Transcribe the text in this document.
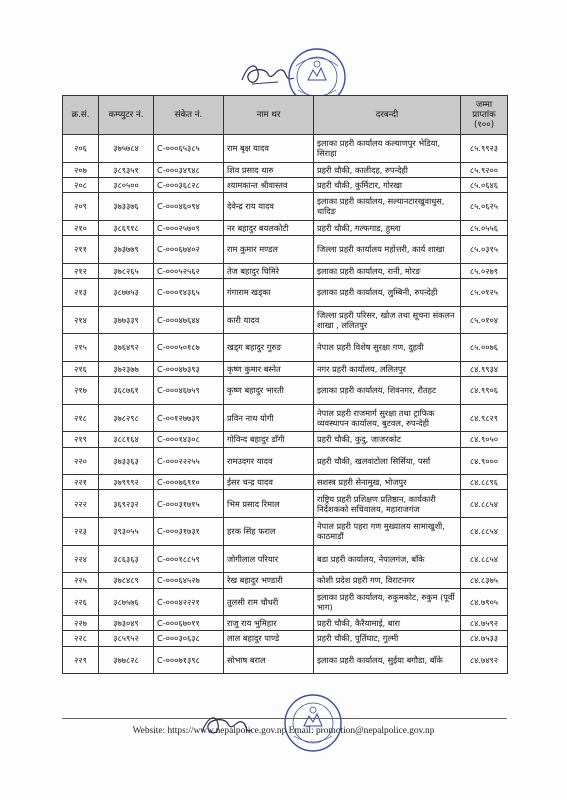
क्र.सं.	कम्प्युटर नं.	संकेत नं.	नाम थर	दरबन्दी	जम्मा प्राप्तांक (१००)
२०६	३७५७८४	C-०००६५३८५	राम बृक्ष यादव	इलाका प्रहरी कार्यालय कल्याणपुर भेडिया, सिराहा	८५.९९२३
२०७	३८९३५१	C-०००३४९४८	शिव प्रसाद थारु	प्रहरी चौकी, कालीदह, रुपन्देही	८५.९२००
२०८	३८०५००	C-०००३६८२८	श्यामकान्त श्रीवास्तव	प्रहरी चौकी, कुर्मिटार, गोरखा	८५.०६४६
२०९	३७३३७६	C-०००४६०९४	देवेन्द्र राय यादव	इलाका प्रहरी कार्यालय, सल्यानटारखुवाधुस, धादिङ	८५.०६२५
२१०	३८६९१८	C-०००२५७०९	नर बहादुर बयलकोटी	प्रहरी चौकी, गल्फगाड, हुम्ला	८५.०५५६
२११	३७३७७९	C-०००६७४०२	राम कुमार मण्डल	जिल्ला प्रहरी कार्यालय महोत्तरी, कार्य शाखा	८५.०३१५
२१२	३७८२६५	C-०००५२५६२	तेज बहादुर घिमिरे	इलाका प्रहरी कार्यालय, रानी, मोरङ	८५.०२७९
२१३	३८७७५३	C-०००१४३६५	गंगाराम खड्का	इलाका प्रहरी कार्यालय, लुम्बिनी, रुपन्देही	८५.०१२५
२१४	३७७३३९	C-०००४७६४४	कारी यादव	जिल्ला प्रहरी परिसर, खोज तथा सूचना संकलन शाखा , ललितपुर	८५.०१०४
२१५	३७६४९२	C-०००५०१८७	खड्ग बहादुर गुरुङ	नेपाल प्रहरी विशेष सुरक्षा गण, दुहवी	८५.००७६
२१६	३७२३७७	C-०००४७३९३	कृष्ण कुमार बस्नेत	नगर प्रहरी कार्यालय, ललितपुर	८४.९९३४
२१७	३६८७६१	C-०००४६७५९	कृष्ण बहादुर भारती	इलाका प्रहरी कार्यालय, शिवनगर, रौतहट	८४.९९०६
२१८	३७८२९८	C-००१२७७३९	प्रविन नाथ योगी	नेपाल प्रहरी राजमार्ग सुरक्षा तथा ट्राफिक व्यवस्थापन कार्यालय, बुटवल, रुपन्देही	८४.९८२९
२१९	३८८१६४	C-०००१४३०८	गोविन्द बहादुर डाँगी	प्रहरी चौकी, कुदु, जाजरकोट	८४.९०५०
२२०	३७३३६३	C-०००२२२५५	रामउदगर यादव	प्रहरी चौकी, खलवाटोला सिर्सिया, पर्सा	८४.९०००
२२१	३७९९९२	C-०००७६९१०	ईसर चन्द्र यादव	सशस्त्र प्रहरी सेनामुख, भोजपुर	८४.८८९६
२२२	३६९२३२	C-०००३१७१५	भिम प्रसाद रिमाल	राष्ट्रिय प्रहरी प्रशिक्षण प्रतिष्ठान, कार्यकारी निर्देशकको सचिवालय, महाराजगंज	८४.८८५४
२२३	३९३०५५	C-०००३१७३१	हरक सिंह फराल	नेपाल प्रहरी पहरा गण मुख्यालय सामाखुशी, काठमाडौं	८४.८८५४
२२४	३८६३६३	C-०००१८८५९	जोगीलाल परियार	बडा प्रहरी कार्यालय, नेपालगंज, बाँके	८४.८८५४
२२५	३७८४८९	C-०००६४५२७	रेख बहादुर भण्डारी	कोशी प्रदेश प्रहरी गण, विराटनगर	८४.८३७५
२२६	३८७५७६	C-०००४२२२१	तुलसी राम चौधरी	इलाका प्रहरी कार्यालय, रुकुमकोट, रुकुम (पूर्वी भाग)	८४.७९०५
२२७	३७३०४९	C-०००६७०११	राजु राय भुमिहार	प्रहरी चौकी, कैरैयामाई, बारा	८४.७५९२
२२८	३८५९५२	C-०००३०६३८	लाल बहादुर पाण्डे	प्रहरी चौकी, पुर्तिघाट, गुल्मी	८४.७५३३
२२९	३७७८२८	C-०००७१३९८	सोभाष बराल	इलाका प्रहरी कार्यालय, सुईया बगौडा, बाँके	८४.७४९२
Website: https://www.nepalpolice.gov.np Email: promotion@nepalpolice.gov.np
